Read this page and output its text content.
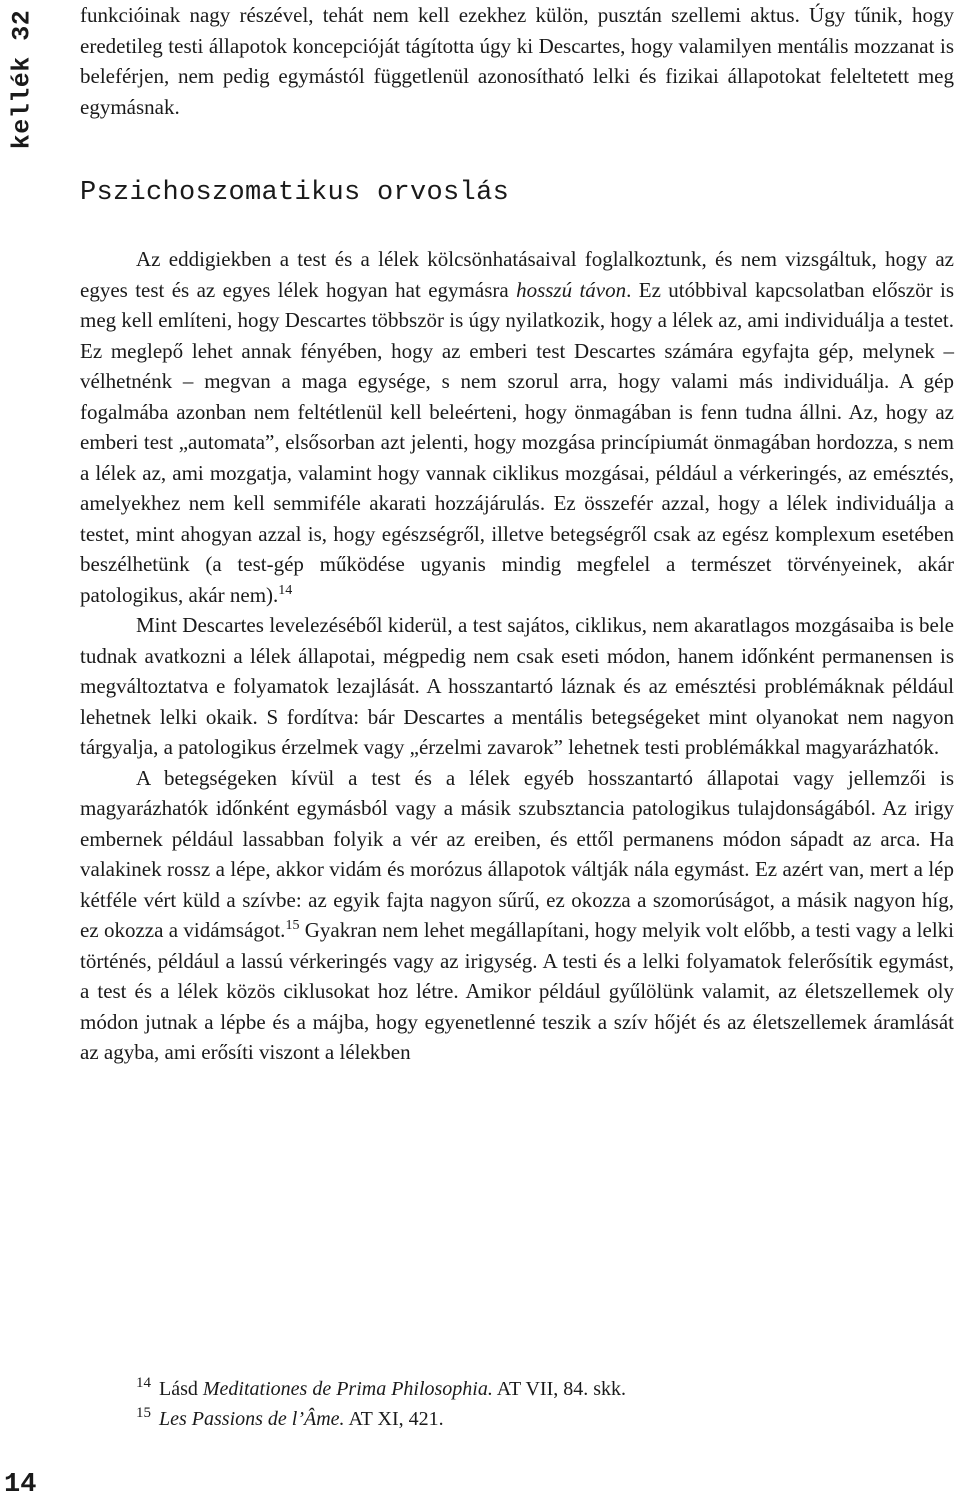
kellék 32 funkcióinak nagy részével, tehát nem kell ezekhez külön, pusztán szellemi aktus. Úgy tűnik, hogy eredetileg testi állapotok koncepcióját tágította úgy ki Descartes, hogy valamilyen mentális mozzanat is beleférjen, nem pedig egymástól függetlenül azonosítható lelki és fizikai állapotokat feleltetett meg egymásnak.

Pszichoszomatikus orvoslás

Az eddigiekben a test és a lélek kölcsönhatásaival foglalkoztunk, és nem vizsgáltuk, hogy az egyes test és az egyes lélek hogyan hat egymásra hosszú távon. Ez utóbbival kapcsolatban először is meg kell említeni, hogy Descartes többször is úgy nyilatkozik, hogy a lélek az, ami individuálja a testet. Ez meglepő lehet annak fényében, hogy az emberi test Descartes számára egyfajta gép, melynek – vélhetnénk – megvan a maga egysége, s nem szorul arra, hogy valami más individuálja. A gép fogalmába azonban nem feltétlenül kell beleérteni, hogy önmagában is fenn tudna állni. Az, hogy az emberi test „automata”, elsősorban azt jelenti, hogy mozgása princípiumát önmagában hordozza, s nem a lélek az, ami mozgatja, valamint hogy vannak ciklikus mozgásai, például a vérkeringés, az emésztés, amelyekhez nem kell semmiféle akarati hozzájárulás. Ez összefér azzal, hogy a lélek individuálja a testet, mint ahogyan azzal is, hogy egészségről, illetve betegségről csak az egész komplexum esetében beszélhetünk (a test-gép működése ugyanis mindig megfelel a természet törvényeinek, akár patologikus, akár nem).$^{14}$

Mint Descartes levelezéséből kiderül, a test sajátos, ciklikus, nem akaratlagos mozgásaiba is bele tudnak avatkozni a lélek állapotai, mégpedig nem csak eseti módon, hanem időnként permanensen is megváltoztatva e folyamatok lezajlását. A hosszantartó láznak és az emésztési problémáknak például lehetnek lelki okaik. S fordítva: bár Descartes a mentális betegségeket mint olyanokat nem nagyon tárgyalja, a patologikus érzelmek vagy „érzelmi zavarok” lehetnek testi problémákkal magyarázhatók.

A betegségeken kívül a test és a lélek egyéb hosszantartó állapotai vagy jellemzői is magyarázhatók időnként egymásból vagy a másik szubsztancia patologikus tulajdonságából. Az irigy embernek például lassabban folyik a vér az ereiben, és ettől permanens módon sápadt az arca. Ha valakinek rossz a lépe, akkor vidám és morózus állapotok váltják nála egymást. Ez azért van, mert a lép kétféle vért küld a szívbe: az egyik fajta nagyon sűrű, ez okozza a szomorúságot, a másik nagyon híg, ez okozza a vidámságot.$^{15}$ Gyakran nem lehet megállapítani, hogy melyik volt előbb, a testi vagy a lelki történés, például a lassú vérkeringés vagy az irigység. A testi és a lelki folyamatok felerősítik egymást, a test és a lélek közös ciklusokat hoz létre. Amikor például gyűlölünk valamit, az életszellemek oly módon jutnak a lépbe és a májba, hogy egyenetlenné teszik a szív hőjét és az életszellemek áramlását az agyba, ami erősíti viszont a lélekben

$^{14}$ Lásd Meditationes de Prima Philosophia. AT VII, 84. skk.

$^{15}$ Les Passions de l’Âme. AT XI, 421.

14
